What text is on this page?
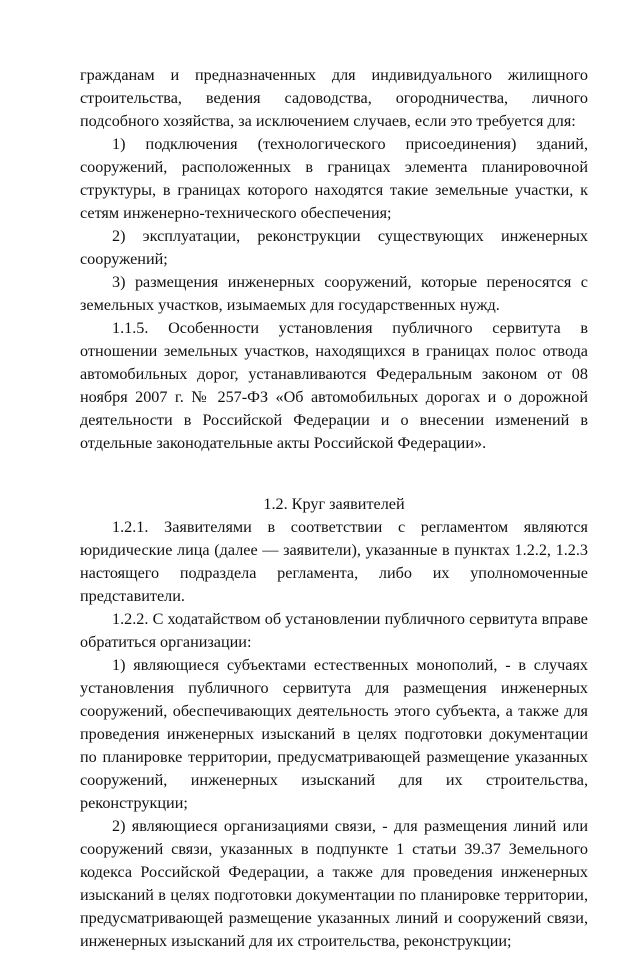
гражданам и предназначенных для индивидуального жилищного строительства, ведения садоводства, огородничества, личного подсобного хозяйства, за исключением случаев, если это требуется для:

1) подключения (технологического присоединения) зданий, сооружений, расположенных в границах элемента планировочной структуры, в границах которого находятся такие земельные участки, к сетям инженерно-технического обеспечения;

2) эксплуатации, реконструкции существующих инженерных сооружений;

3) размещения инженерных сооружений, которые переносятся с земельных участков, изымаемых для государственных нужд.

1.1.5. Особенности установления публичного сервитута в отношении земельных участков, находящихся в границах полос отвода автомобильных дорог, устанавливаются Федеральным законом от 08 ноября 2007 г. № 257-ФЗ «Об автомобильных дорогах и о дорожной деятельности в Российской Федерации и о внесении изменений в отдельные законодательные акты Российской Федерации».

1.2. Круг заявителей

1.2.1. Заявителями в соответствии с регламентом являются юридические лица (далее — заявители), указанные в пунктах 1.2.2, 1.2.3 настоящего подраздела регламента, либо их уполномоченные представители.

1.2.2. С ходатайством об установлении публичного сервитута вправе обратиться организации:

1) являющиеся субъектами естественных монополий, - в случаях установления публичного сервитута для размещения инженерных сооружений, обеспечивающих деятельность этого субъекта, а также для проведения инженерных изысканий в целях подготовки документации по планировке территории, предусматривающей размещение указанных сооружений, инженерных изысканий для их строительства, реконструкции;

2) являющиеся организациями связи, - для размещения линий или сооружений связи, указанных в подпункте 1 статьи 39.37 Земельного кодекса Российской Федерации, а также для проведения инженерных изысканий в целях подготовки документации по планировке территории, предусматривающей размещение указанных линий и сооружений связи, инженерных изысканий для их строительства, реконструкции;
